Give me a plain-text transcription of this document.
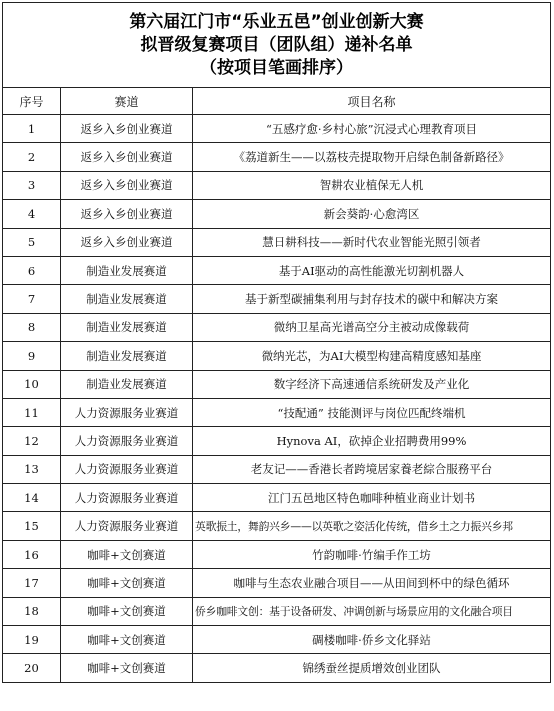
第六届江门市“乐业五邑”创业创新大赛
拟晋级复赛项目（团队组）递补名单
（按项目笔画排序）		

序号	赛道	项目名称
1	返乡入乡创业赛道	“五感疗愈·乡村心旅”沉浸式心理教育项目
2	返乡入乡创业赛道	《荔道新生——以荔枝壳提取物开启绿色制备新路径》
3	返乡入乡创业赛道	智耕农业植保无人机
4	返乡入乡创业赛道	新会葵韵·心愈湾区
5	返乡入乡创业赛道	慧日耕科技——新时代农业智能光照引领者
6	制造业发展赛道	基于AI驱动的高性能激光切割机器人
7	制造业发展赛道	基于新型碳捕集利用与封存技术的碳中和解决方案
8	制造业发展赛道	微纳卫星高光谱高空分主被动成像载荷
9	制造业发展赛道	微纳光芯，为AI大模型构建高精度感知基座
10	制造业发展赛道	数字经济下高速通信系统研发及产业化
11	人力资源服务业赛道	“技配通” 技能测评与岗位匹配终端机
12	人力资源服务业赛道	Hynova AI，砍掉企业招聘费用99%
13	人力资源服务业赛道	老友记——香港长者跨境居家養老綜合服務平台
14	人力资源服务业赛道	江门五邑地区特色咖啡种植业商业计划书
15	人力资源服务业赛道	英歌振土，舞韵兴乡——以英歌之姿活化传统，借乡土之力振兴乡邦
16	咖啡+文创赛道	竹韵咖啡·竹编手作工坊
17	咖啡+文创赛道	咖啡与生态农业融合项目——从田间到杯中的绿色循环
18	咖啡+文创赛道	侨乡咖啡文创：基于设备研发、冲调创新与场景应用的文化融合项目
19	咖啡+文创赛道	碉楼咖啡·侨乡文化驿站
20	咖啡+文创赛道	锦绣蚕丝提质增效创业团队
